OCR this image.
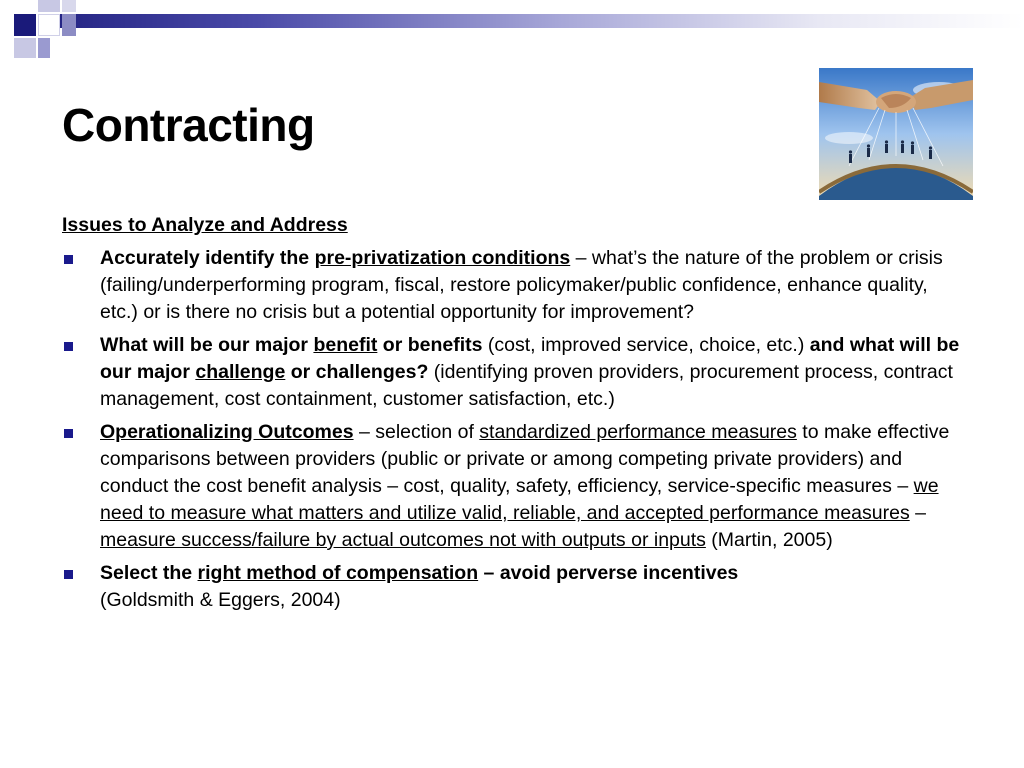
Contracting
Issues to Analyze and Address
Accurately identify the pre-privatization conditions – what’s the nature of the problem or crisis (failing/underperforming program, fiscal, restore policymaker/public confidence, enhance quality, etc.) or is there no crisis but a potential opportunity for improvement?
What will be our major benefit or benefits (cost, improved service, choice, etc.) and what will be our major challenge or challenges? (identifying proven providers, procurement process, contract management, cost containment, customer satisfaction, etc.)
Operationalizing Outcomes – selection of standardized performance measures to make effective comparisons between providers (public or private or among competing private providers) and conduct the cost benefit analysis – cost, quality, safety, efficiency, service-specific measures – we need to measure what matters and utilize valid, reliable, and accepted performance measures – measure success/failure by actual outcomes not with outputs or inputs (Martin, 2005)
Select the right method of compensation – avoid perverse incentives
(Goldsmith & Eggers, 2004)
